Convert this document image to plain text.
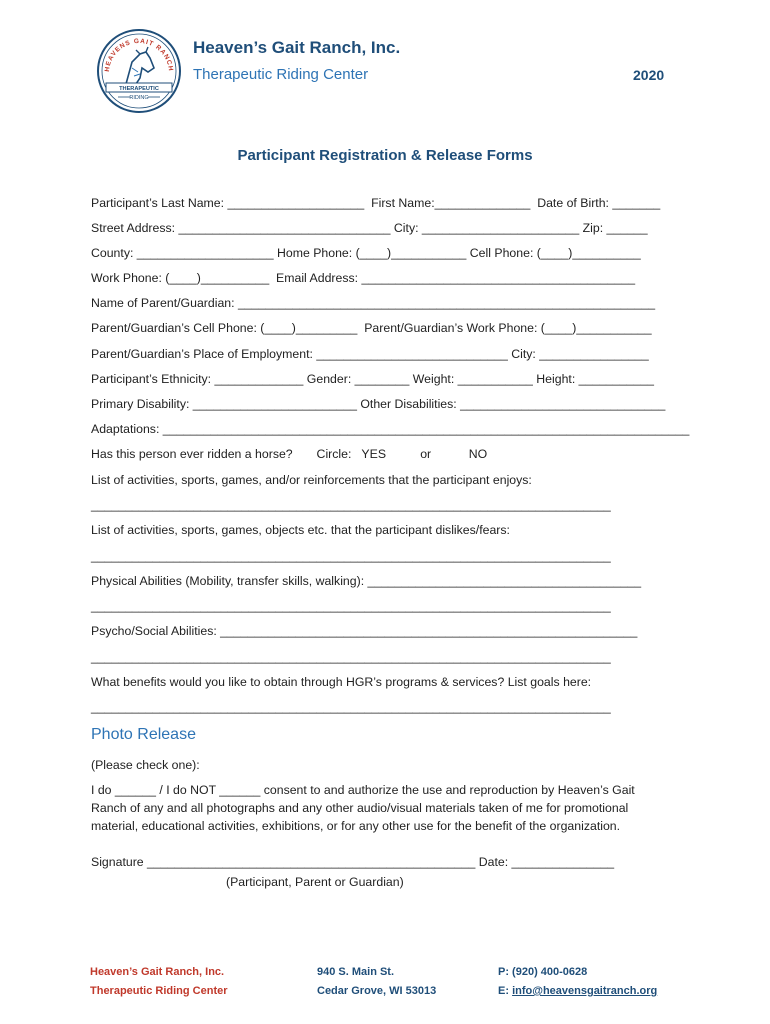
HEAVENS GAIT RANCH
THERAPEUTIC
RIDING
Heaven’s Gait Ranch, Inc.
Therapeutic Riding Center	2020
Participant Registration & Release Forms
Participant’s Last Name: ____________________  First Name:______________  Date of Birth: _______
Street Address: _______________________________ City: _______________________ Zip: ______
County: ____________________ Home Phone: (____)___________ Cell Phone: (____)__________
Work Phone: (____)__________  Email Address: ________________________________________
Name of Parent/Guardian: _____________________________________________________________
Parent/Guardian’s Cell Phone: (____)_________  Parent/Guardian’s Work Phone: (____)___________
Parent/Guardian’s Place of Employment: ____________________________ City: ________________
Participant’s Ethnicity: _____________ Gender: ________ Weight: ___________ Height: ___________
Primary Disability: ________________________ Other Disabilities: ______________________________
Adaptations: _____________________________________________________________________________
Has this person ever ridden a horse?       Circle:   YES          or           NO
List of activities, sports, games, and/or reinforcements that the participant enjoys:
____________________________________________________________________________
List of activities, sports, games, objects etc. that the participant dislikes/fears:
____________________________________________________________________________
Physical Abilities (Mobility, transfer skills, walking): ________________________________________
____________________________________________________________________________
Psycho/Social Abilities: _____________________________________________________________
____________________________________________________________________________
What benefits would you like to obtain through HGR’s programs & services? List goals here:
____________________________________________________________________________
Photo Release
(Please check one):
I do ______ / I do NOT ______ consent to and authorize the use and reproduction by Heaven’s Gait
Ranch of any and all photographs and any other audio/visual materials taken of me for promotional
material, educational activities, exhibitions, or for any other use for the benefit of the organization.
Signature ________________________________________________ Date: _______________
(Participant, Parent or Guardian)
Heaven’s Gait Ranch, Inc.
Therapeutic Riding Center
940 S. Main St.
Cedar Grove, WI 53013
P: (920) 400-0628
E: info@heavensgaitranch.org
